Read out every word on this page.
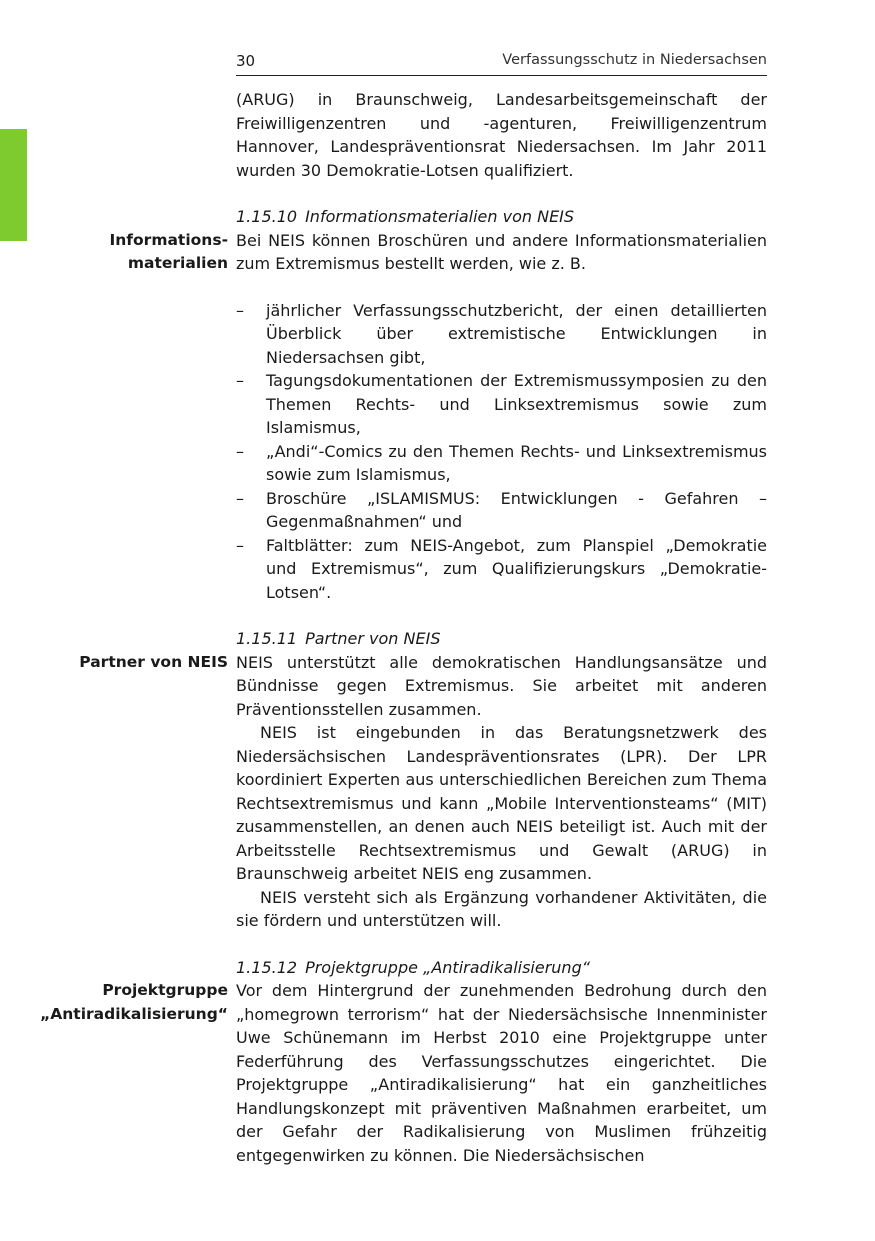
30	Verfassungsschutz in Niedersachsen

(ARUG) in Braunschweig, Landesarbeitsgemeinschaft der Freiwilligenzentren und -agenturen, Freiwilligenzentrum Hannover, Landespräventionsrat Niedersachsen. Im Jahr 2011 wurden 30 Demokratie-Lotsen qualifiziert.

1.15.10 Informationsmaterialien von NEIS

Informations-
materialien
Bei NEIS können Broschüren und andere Informationsmaterialien zum Extremismus bestellt werden, wie z. B.

– jährlicher Verfassungsschutzbericht, der einen detaillierten Überblick über extremistische Entwicklungen in Niedersachsen gibt,
– Tagungsdokumentationen der Extremismussymposien zu den Themen Rechts- und Linksextremismus sowie zum Islamismus,
– „Andi“-Comics zu den Themen Rechts- und Linksextremismus sowie zum Islamismus,
– Broschüre „ISLAMISMUS: Entwicklungen - Gefahren – Gegenmaßnahmen“ und
– Faltblätter: zum NEIS-Angebot, zum Planspiel „Demokratie und Extremismus“, zum Qualifizierungskurs „Demokratie-Lotsen“.
1.15.11 Partner von NEIS

Partner von NEIS NEIS unterstützt alle demokratischen Handlungsansätze und Bündnisse gegen Extremismus. Sie arbeitet mit anderen Präventionsstellen zusammen.

NEIS ist eingebunden in das Beratungsnetzwerk des Niedersächsischen Landespräventionsrates (LPR). Der LPR koordiniert Experten aus unterschiedlichen Bereichen zum Thema Rechtsextremismus und kann „Mobile Interventionsteams“ (MIT) zusammenstellen, an denen auch NEIS beteiligt ist. Auch mit der Arbeitsstelle Rechtsextremismus und Gewalt (ARUG) in Braunschweig arbeitet NEIS eng zusammen.

NEIS versteht sich als Ergänzung vorhandener Aktivitäten, die sie fördern und unterstützen will.

1.15.12 Projektgruppe „Antiradikalisierung“

Projektgruppe
„Antiradikalisierung“
Vor dem Hintergrund der zunehmenden Bedrohung durch den „homegrown terrorism“ hat der Niedersächsische Innenminister Uwe Schünemann im Herbst 2010 eine Projektgruppe unter Federführung des Verfassungsschutzes eingerichtet. Die Projektgruppe „Antiradikalisierung“ hat ein ganzheitliches Handlungskonzept mit präventiven Maßnahmen erarbeitet, um der Gefahr der Radikalisierung von Muslimen frühzeitig entgegenwirken zu können. Die Niedersächsischen
